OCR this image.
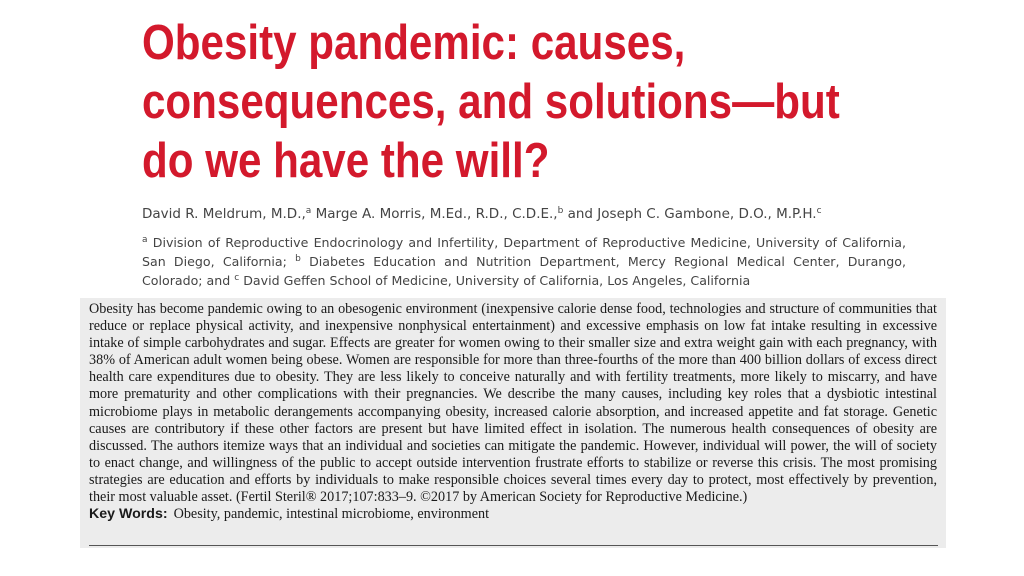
Obesity pandemic: causes,
consequences, and solutions—but
do we have the will?
David R. Meldrum, M.D.,$^a$ Marge A. Morris, M.Ed., R.D., C.D.E.,$^b$ and Joseph C. Gambone, D.O., M.P.H.$^c$
$^a$ Division of Reproductive Endocrinology and Infertility, Department of Reproductive Medicine, University of California, San Diego, California; $^b$ Diabetes Education and Nutrition Department, Mercy Regional Medical Center, Durango, Colorado; and $^c$ David Geffen School of Medicine, University of California, Los Angeles, California

Obesity has become pandemic owing to an obesogenic environment (inexpensive calorie dense food, technologies and structure of communities that reduce or replace physical activity, and inexpensive nonphysical entertainment) and excessive emphasis on low fat intake resulting in excessive intake of simple carbohydrates and sugar. Effects are greater for women owing to their smaller size and extra weight gain with each pregnancy, with 38% of American adult women being obese. Women are responsible for more than three-fourths of the more than 400 billion dollars of excess direct health care expenditures due to obesity. They are less likely to conceive naturally and with fertility treatments, more likely to miscarry, and have more prematurity and other complications with their pregnancies. We describe the many causes, including key roles that a dysbiotic intestinal microbiome plays in metabolic derangements accompanying obesity, increased calorie absorption, and increased appetite and fat storage. Genetic causes are contributory if these other factors are present but have limited effect in isolation. The numerous health consequences of obesity are discussed. The authors itemize ways that an individual and societies can mitigate the pandemic. However, individual will power, the will of society to enact change, and willingness of the public to accept outside intervention frustrate efforts to stabilize or reverse this crisis. The most promising strategies are education and efforts by individuals to make responsible choices several times every day to protect, most effectively by prevention, their most valuable asset. (Fertil Steril® 2017;107:833–9. ©2017 by American Society for Reproductive Medicine.)

Key Words: Obesity, pandemic, intestinal microbiome, environment
